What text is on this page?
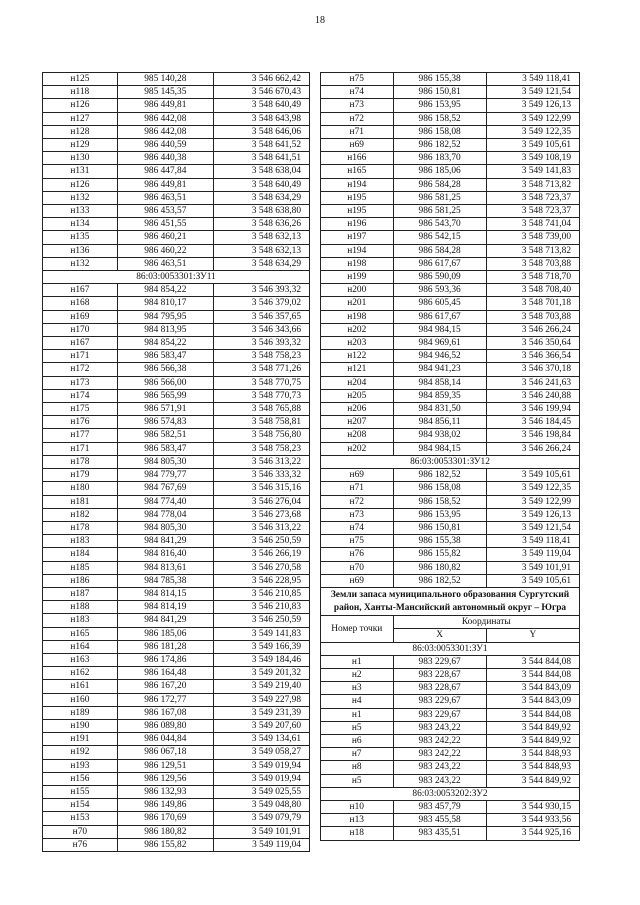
18
н125	985 140,28	3 546 662,42
н118	985 145,35	3 546 670,43
н126	986 449,81	3 548 640,49
н127	986 442,08	3 548 643,98
н128	986 442,08	3 548 646,06
н129	986 440,59	3 548 641,52
н130	986 440,38	3 548 641,51
н131	986 447,84	3 548 638,04
н126	986 449,81	3 548 640,49
н132	986 463,51	3 548 634,29
н133	986 453,57	3 548 638,80
н134	986 451,55	3 548 636,26
н135	986 460,21	3 548 632,13
н136	986 460,22	3 548 632,13
н132	986 463,51	3 548 634,29
86:03:0053301:ЗУ11		
н167	984 854,22	3 546 393,32
н168	984 810,17	3 546 379,02
н169	984 795,95	3 546 357,65
н170	984 813,95	3 546 343,66
н167	984 854,22	3 546 393,32
н171	986 583,47	3 548 758,23
н172	986 566,38	3 548 771,26
н173	986 566,00	3 548 770,75
н174	986 565,99	3 548 770,73
н175	986 571,91	3 548 765,88
н176	986 574,83	3 548 758,81
н177	986 582,51	3 548 756,80
н171	986 583,47	3 548 758,23
н178	984 805,30	3 546 313,22
н179	984 779,77	3 546 333,32
н180	984 767,69	3 546 315,16
н181	984 774,40	3 546 276,04
н182	984 778,04	3 546 273,68
н178	984 805,30	3 546 313,22
н183	984 841,29	3 546 250,59
н184	984 816,40	3 546 266,19
н185	984 813,61	3 546 270,58
н186	984 785,38	3 546 228,95
н187	984 814,15	3 546 210,85
н188	984 814,19	3 546 210,83
н183	984 841,29	3 546 250,59
н165	986 185,06	3 549 141,83
н164	986 181,28	3 549 166,39
н163	986 174,86	3 549 184,46
н162	986 164,48	3 549 201,32
н161	986 167,20	3 549 219,40
н160	986 172,77	3 549 227,98
н189	986 167,08	3 549 231,39
н190	986 089,80	3 549 207,60
н191	986 044,84	3 549 134,61
н192	986 067,18	3 549 058,27
н193	986 129,51	3 549 019,94
н156	986 129,56	3 549 019,94
н155	986 132,93	3 549 025,55
н154	986 149,86	3 549 048,80
н153	986 170,69	3 549 079,79
н70	986 180,82	3 549 101,91
н76	986 155,82	3 549 119,04
н75	986 155,38	3 549 118,41
н74	986 150,81	3 549 121,54
н73	986 153,95	3 549 126,13
н72	986 158,52	3 549 122,99
н71	986 158,08	3 549 122,35
н69	986 182,52	3 549 105,61
н166	986 183,70	3 549 108,19
н165	986 185,06	3 549 141,83
н194	986 584,28	3 548 713,82
н195	986 581,25	3 548 723,37
н195	986 581,25	3 548 723,37
н196	986 543,70	3 548 741,04
н197	986 542,15	3 548 739,00
н194	986 584,28	3 548 713,82
н198	986 617,67	3 548 703,88
н199	986 590,09	3 548 718,70
н200	986 593,36	3 548 708,40
н201	986 605,45	3 548 701,18
н198	986 617,67	3 548 703,88
н202	984 984,15	3 546 266,24
н203	984 969,61	3 546 350,64
н122	984 946,52	3 546 366,54
н121	984 941,23	3 546 370,18
н204	984 858,14	3 546 241,63
н205	984 859,35	3 546 240,88
н206	984 831,50	3 546 199,94
н207	984 856,11	3 546 184,45
н208	984 938,02	3 546 198,84
н202	984 984,15	3 546 266,24
86:03:0053301:ЗУ12		
н69	986 182,52	3 549 105,61
н71	986 158,08	3 549 122,35
н72	986 158,52	3 549 122,99
н73	986 153,95	3 549 126,13
н74	986 150,81	3 549 121,54
н75	986 155,38	3 549 118,41
н76	986 155,82	3 549 119,04
н70	986 180,82	3 549 101,91
н69	986 182,52	3 549 105,61
Земли запаса муниципального образования Сургутский район, Ханты-Мансийский автономный округ – Югра		
Номер точки	Координаты	
	X	Y
86:03:0053301:ЗУ1		
н1	983 229,67	3 544 844,08
н2	983 228,67	3 544 844,08
н3	983 228,67	3 544 843,09
н4	983 229,67	3 544 843,09
н1	983 229,67	3 544 844,08
н5	983 243,22	3 544 849,92
н6	983 242,22	3 544 849,92
н7	983 242,22	3 544 848,93
н8	983 243,22	3 544 848,93
н5	983 243,22	3 544 849,92
86:03:0053202:ЗУ2		
н10	983 457,79	3 544 930,15
н13	983 455,58	3 544 933,56
н18	983 435,51	3 544 925,16
